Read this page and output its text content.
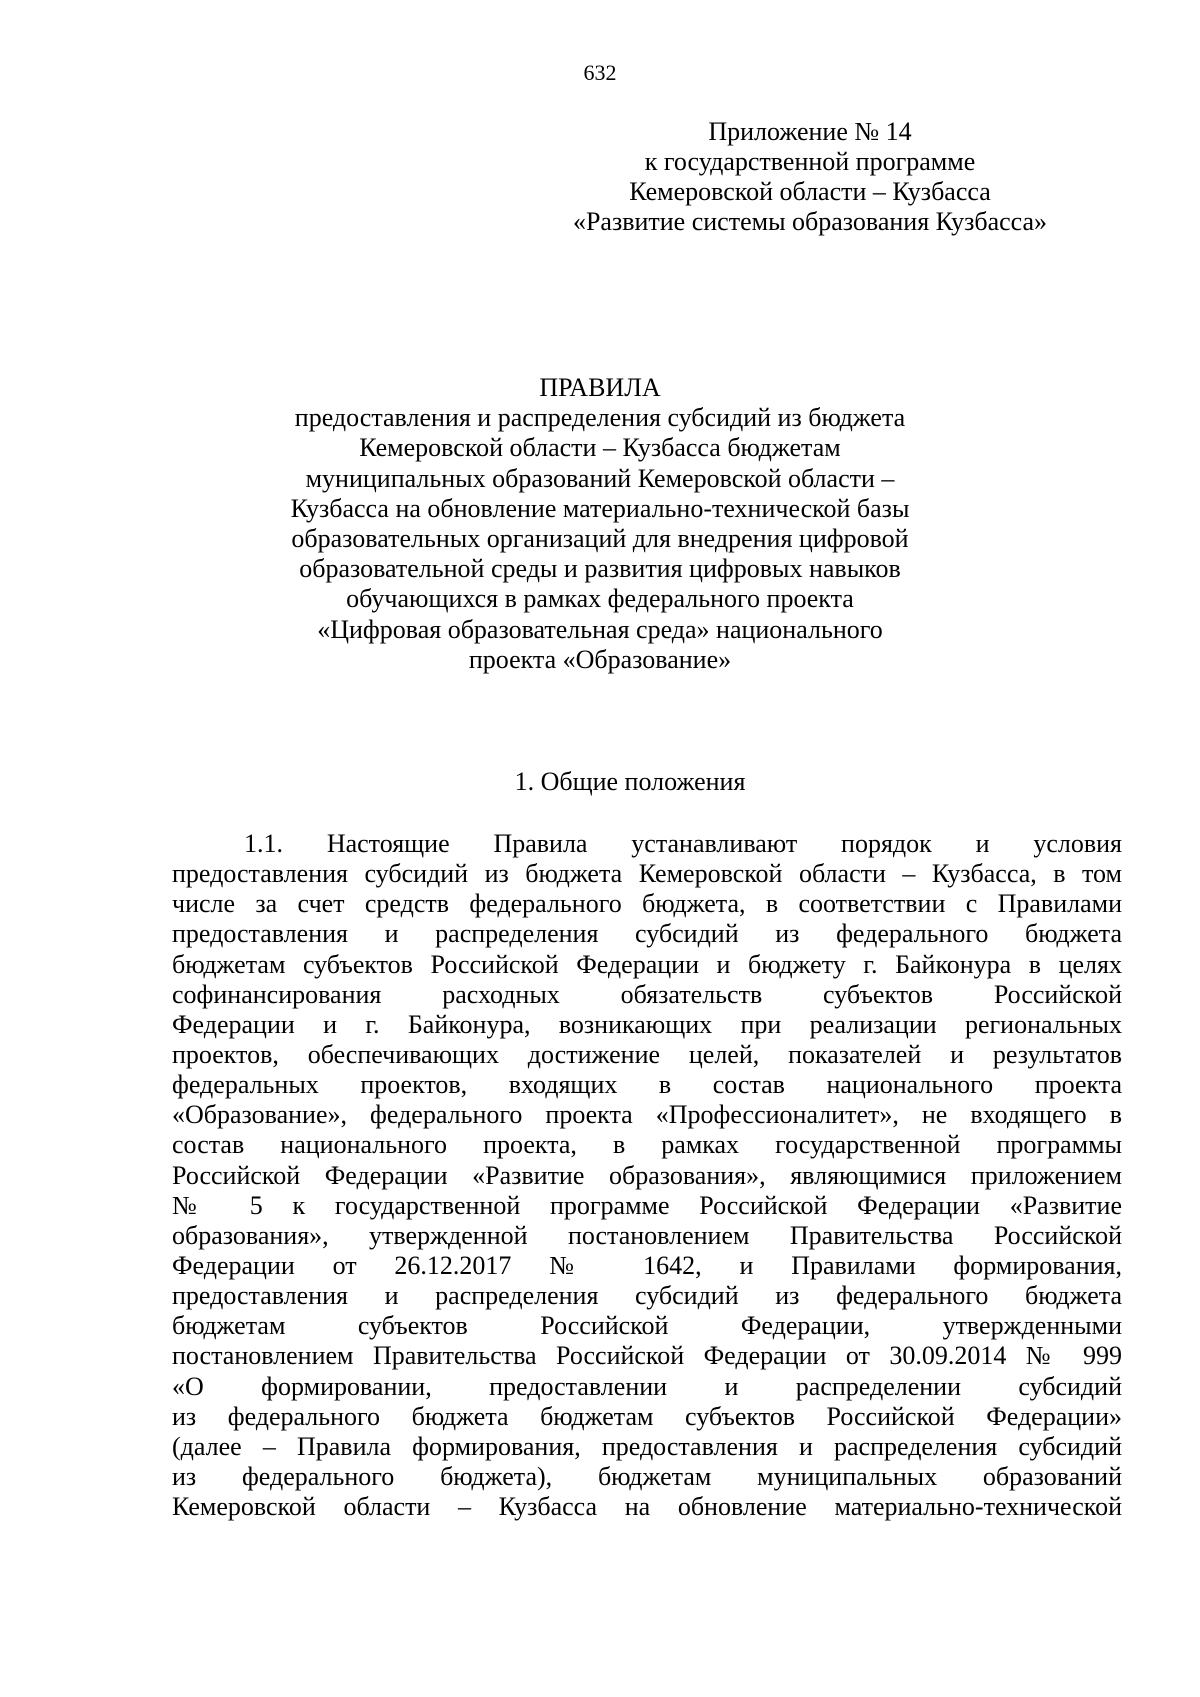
632
Приложение № 14
к государственной программе
Кемеровской области – Кузбасса
«Развитие системы образования Кузбасса»
ПРАВИЛА
предоставления и распределения субсидий из бюджета
Кемеровской области – Кузбасса бюджетам
муниципальных образований Кемеровской области –
Кузбасса на обновление материально-технической базы
образовательных организаций для внедрения цифровой
образовательной среды и развития цифровых навыков
обучающихся в рамках федерального проекта
«Цифровая образовательная среда» национального
проекта «Образование»
1. Общие положения
1.1. Настоящие Правила устанавливают порядок и условия
предоставления субсидий из бюджета Кемеровской области – Кузбасса, в том
числе за счет средств федерального бюджета, в соответствии с Правилами
предоставления и распределения субсидий из федерального бюджета
бюджетам субъектов Российской Федерации и бюджету г. Байконура в целях
софинансирования расходных обязательств субъектов Российской
Федерации и г. Байконура, возникающих при реализации региональных
проектов, обеспечивающих достижение целей, показателей и результатов
федеральных проектов, входящих в состав национального проекта
«Образование», федерального проекта «Профессионалитет», не входящего в
состав национального проекта, в рамках государственной программы
Российской Федерации «Развитие образования», являющимися приложением
№ 5 к государственной программе Российской Федерации «Развитие
образования», утвержденной постановлением Правительства Российской
Федерации от 26.12.2017 № 1642, и Правилами формирования,
предоставления и распределения субсидий из федерального бюджета
бюджетам субъектов Российской Федерации, утвержденными
постановлением Правительства Российской Федерации от 30.09.2014 № 999
«О формировании, предоставлении и распределении субсидий
из федерального бюджета бюджетам субъектов Российской Федерации»
(далее – Правила формирования, предоставления и распределения субсидий
из федерального бюджета), бюджетам муниципальных образований
Кемеровской области – Кузбасса на обновление материально-технической
